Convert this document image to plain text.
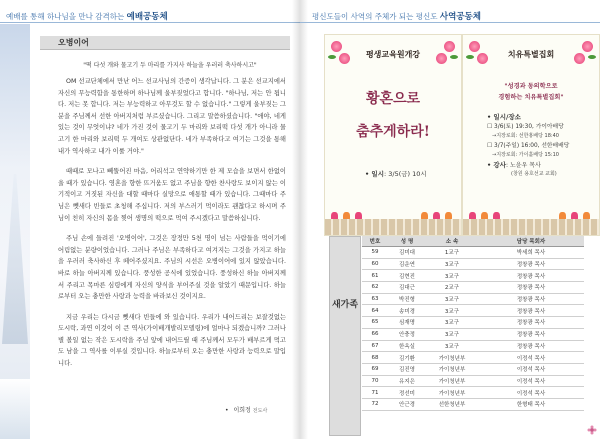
예배를 통해 하나님을 만나 감격하는 예배공동체
오병이어
"떡 다섯 개와 물고기 두 마리를 가지사 하늘을 우러러 축사하시고"

OM 선교단체에서 만난 어느 선교사님의 간증이 생각납니다. 그 분은 선교지에서 자신의 무능력함을 통한하며 하나님께 울부짖었다고 합니다. "하나님, 저는 안 됩니다. 저는 못 합니다. 저는 부능력하고 아무것도 할 수 없습니다." 그렇게 울부짖는 그 분을 주님께서 선한 아버지처럼 부르셨습니다. 그리고 말씀하셨습니다. "애야, 네게 있는 것이 무엇이냐? 네가 가진 것이 물고기 두 마리와 보리떡 다섯 개가 아니라 물고기 한 마리와 보리떡 두 개여도 상관없단다. 네가 부족하다고 여기는 그것을 통해 내가 역사하고 내가 이룰 거야."

때때로 모나고 뻬뚤어진 마음, 어리석고 연약하기만 한 제 모습을 보면서 한없이 울 때가 있습니다. 영혼을 향한 뜨거움도 없고 주님을 향한 찬사랑도 보이지 않는 이기적이고 거짓된 자신을 대할 때마다 실망으로 애통할 때가 있습니다. 그때마다 주님은 뻿새다 빈들로 초청해 주십니다. 저의 부스러기 먹이라도 괜찮다고 하시며 주님이 친히 자신의 몸을 찢어 생명의 떡으로 먹여 주시겠다고 말씀하십니다.

주님 손에 들려진 '오병이어', 그것은 장정만 5천 명이 넘는 사람들을 먹이기에 어림없는 분량이었습니다. 그러나 주님은 부족하다고 여겨지는 그것을 가지고 하늘을 우러러 축사하신 후 떼어주셨지요. 주님의 시선은 오병이어에 있지 않았습니다. 바로 하늘 아버지께 있습니다. 풍성한 공식에 있었습니다. 풍성하신 하늘 아버지께서 주리고 목마른 심령에게 자신의 양식을 부어주실 것을 알았기 때문입니다. 하늘로부터 오는 충만한 사랑과 능력을 바라보신 것이지요.

지금 우리는 다시금 뻿새다 빈들에 와 있습니다. 우리가 내어드리는 보잘것없는 도시락, 과연 이것이 이 큰 역사(가이배개발리모델링)에 얼마나 되겠습니까? 그러나 별 볼일 없는 작은 도시락을 주님 앞에 내어드릴 때 주님께서 모두가 배부르게 먹고도 남을 그 역사를 이루실 것입니다. 하늘로부터 오는 충만한 사랑과 능력으로 말입니다.

• 이희정 전도사
평신도들이 사역의 주체가 되는 평신도 사역공동체
평생교육원개강
황혼으로
춤추게하라!
• 일시: 3/5(금) 10시
치유특별집회
"성경과 동의학으로
경험하는 치유특별집회"
• 일시/장소
☐ 3/6(토) 19:30, 가이아배당
→지장로회: 선한홍배당 18:40
☐ 3/7(주일) 16:00, 선한배배당
→지장로회: 가이홀배당 15:10
• 강사: 노윤우 목사
(창원 용호선교 교회)
새가족
번호	성 명	소 속	담당 목회자
59	김미대	1교구	박세희 목사
60	김운연	3교구	정창광 목사
61	김현진	3교구	정창광 목사
62	김대근	2교구	정창광 목사
63	박진형	3교구	정창광 목사
64	송미경	3교구	정창광 목사
65	심재명	3교구	정창광 목사
66	안충정	3교구	정창광 목사
67	한옥실	3교구	정창광 목사
68	김기환	가이청년부	이정석 목사
69	김진영	가이청년부	이정석 목사
70	유지은	가이청년부	이정석 목사
71	정선미	가이청년부	이정석 목사
72	안근경	선한청년부	한형태 목사
